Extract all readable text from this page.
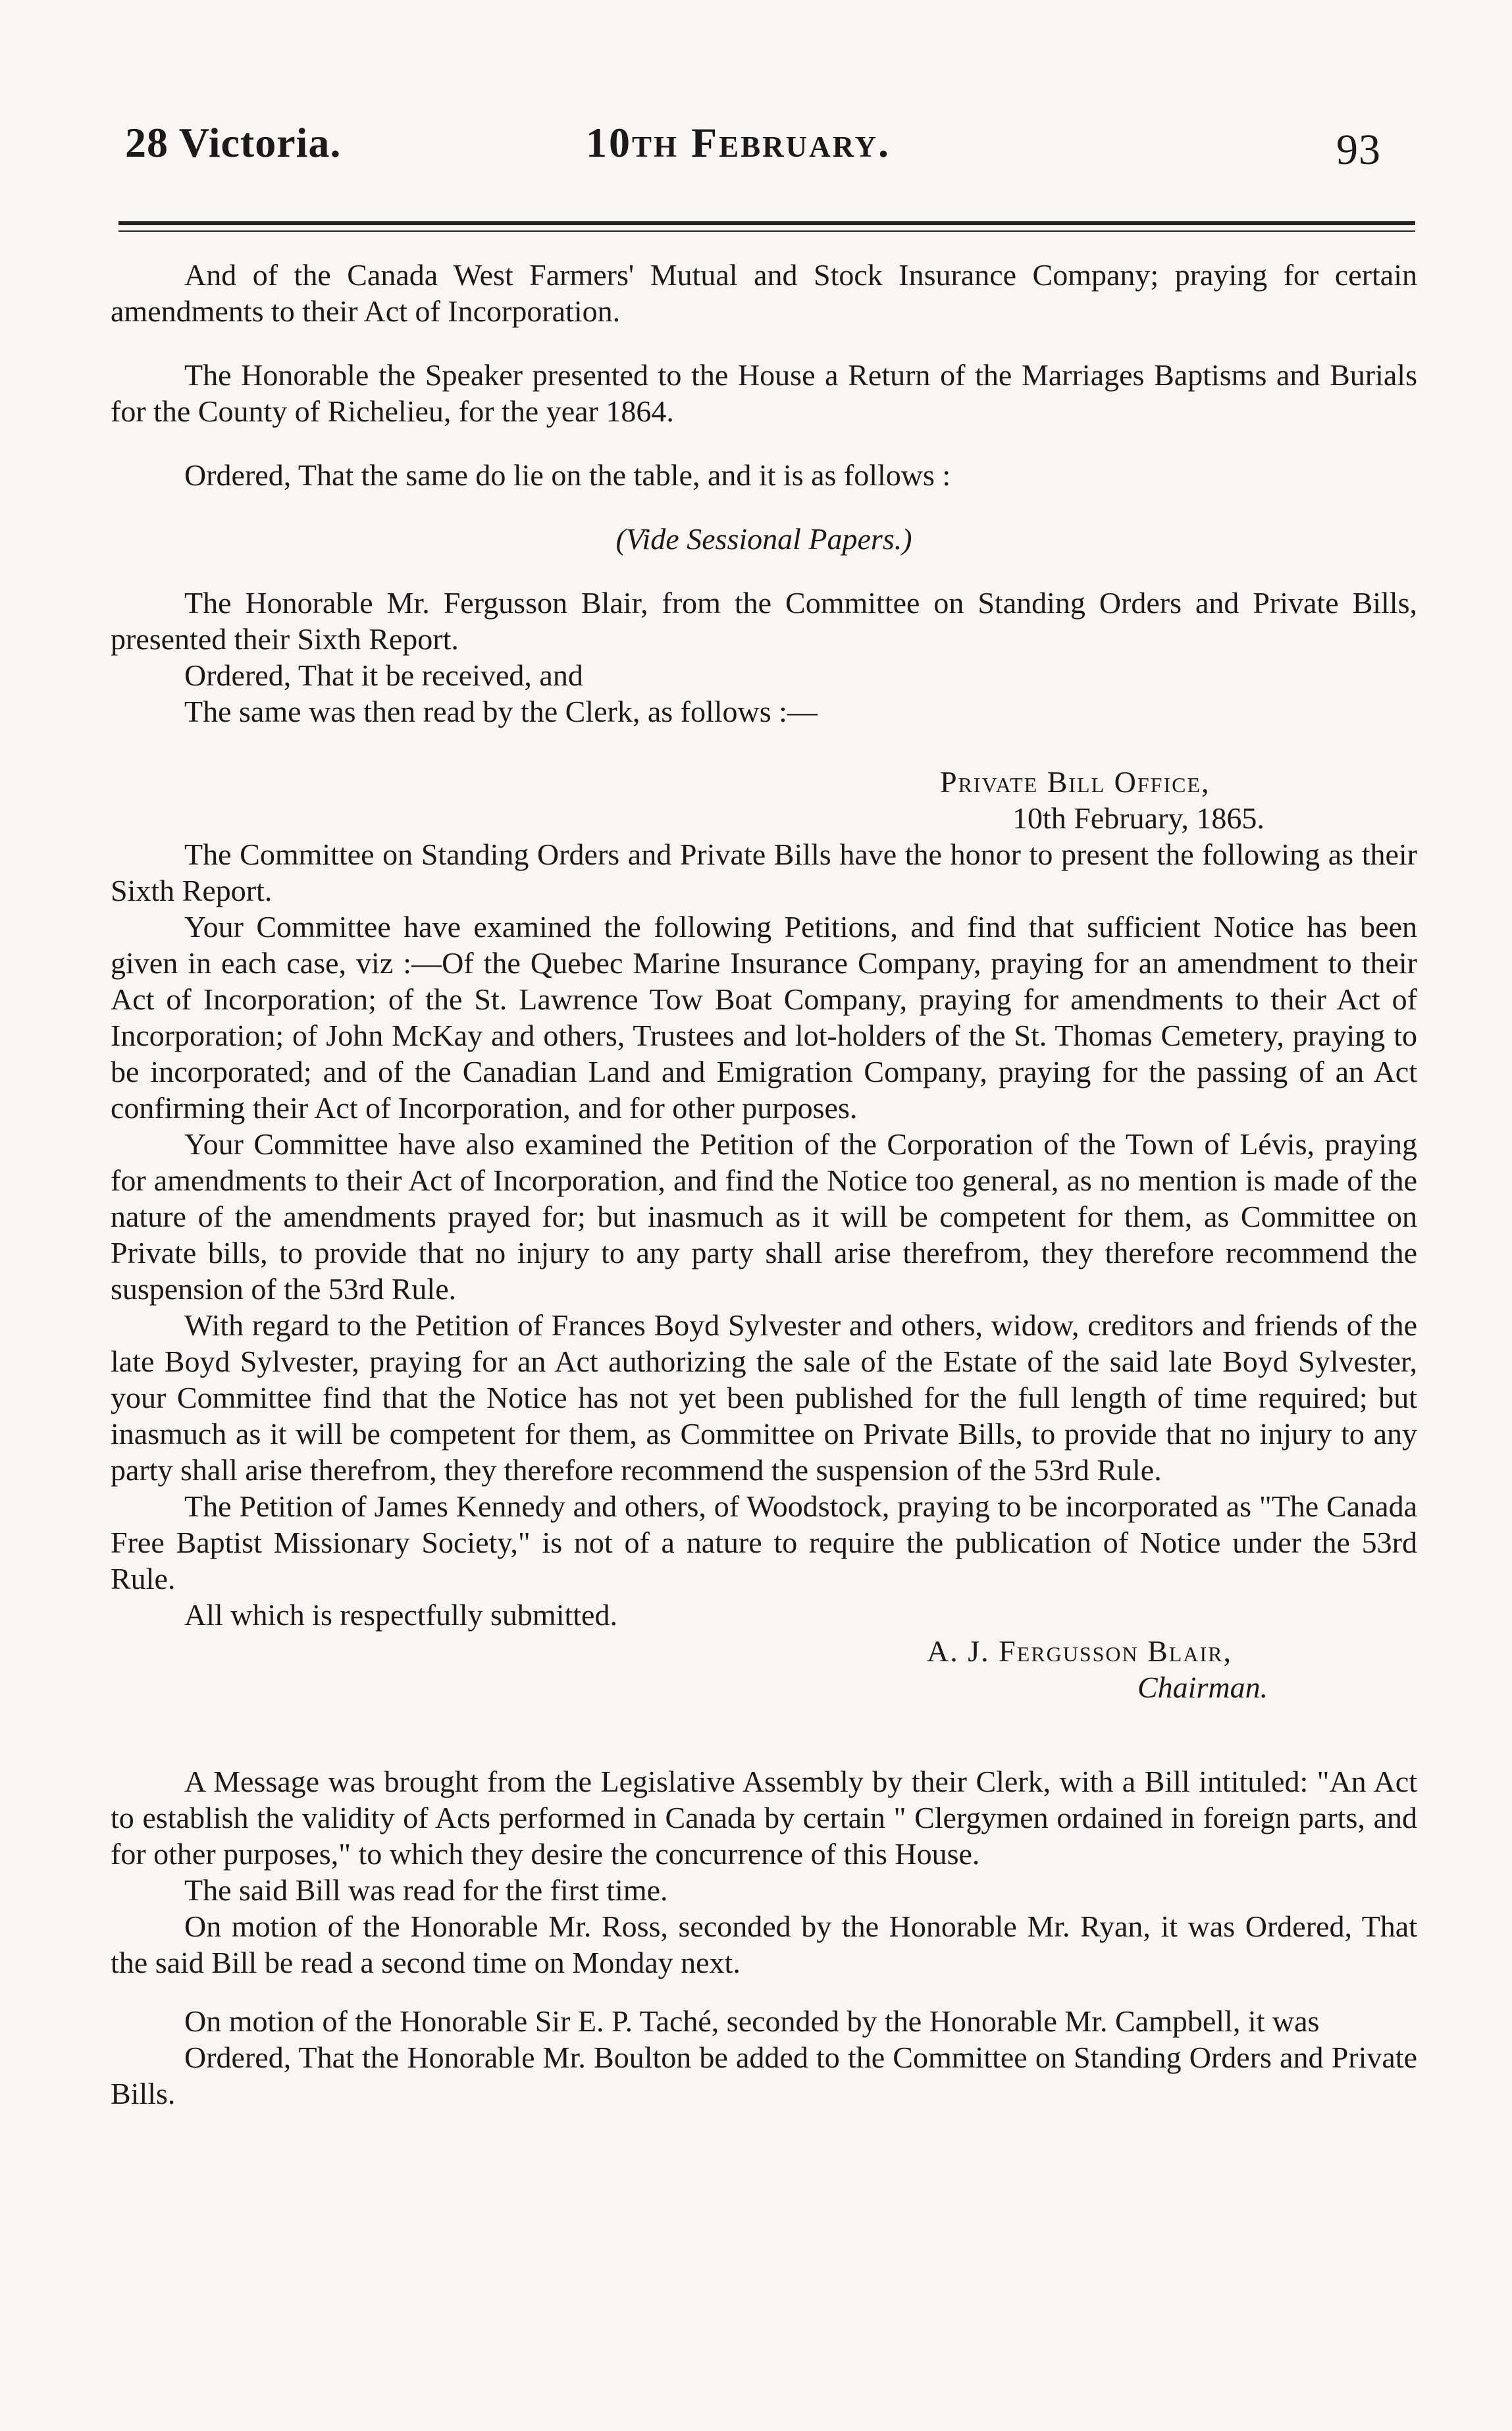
28 Victoria.	10th February.	93

And of the Canada West Farmers' Mutual and Stock Insurance Company; praying for certain amendments to their Act of Incorporation.

The Honorable the Speaker presented to the House a Return of the Marriages Baptisms and Burials for the County of Richelieu, for the year 1864.

Ordered, That the same do lie on the table, and it is as follows :

(Vide Sessional Papers.)

The Honorable Mr. Fergusson Blair, from the Committee on Standing Orders and Private Bills, presented their Sixth Report.

Ordered, That it be received, and

The same was then read by the Clerk, as follows :—

Private Bill Office,

10th February, 1865.

The Committee on Standing Orders and Private Bills have the honor to present the following as their Sixth Report.

Your Committee have examined the following Petitions, and find that sufficient Notice has been given in each case, viz :—Of the Quebec Marine Insurance Company, praying for an amendment to their Act of Incorporation; of the St. Lawrence Tow Boat Company, praying for amendments to their Act of Incorporation; of John McKay and others, Trustees and lot-holders of the St. Thomas Cemetery, praying to be incorporated; and of the Canadian Land and Emigration Company, praying for the passing of an Act confirming their Act of Incorporation, and for other purposes.

Your Committee have also examined the Petition of the Corporation of the Town of Lévis, praying for amendments to their Act of Incorporation, and find the Notice too general, as no mention is made of the nature of the amendments prayed for; but inasmuch as it will be competent for them, as Committee on Private bills, to provide that no injury to any party shall arise therefrom, they therefore recommend the suspension of the 53rd Rule.

With regard to the Petition of Frances Boyd Sylvester and others, widow, creditors and friends of the late Boyd Sylvester, praying for an Act authorizing the sale of the Estate of the said late Boyd Sylvester, your Committee find that the Notice has not yet been published for the full length of time required; but inasmuch as it will be competent for them, as Committee on Private Bills, to provide that no injury to any party shall arise therefrom, they therefore recommend the suspension of the 53rd Rule.

The Petition of James Kennedy and others, of Woodstock, praying to be incorporated as "The Canada Free Baptist Missionary Society," is not of a nature to require the publication of Notice under the 53rd Rule.

All which is respectfully submitted.

A. J. Fergusson Blair,

Chairman.

A Message was brought from the Legislative Assembly by their Clerk, with a Bill intituled: "An Act to establish the validity of Acts performed in Canada by certain " Clergymen ordained in foreign parts, and for other purposes," to which they desire the concurrence of this House.

The said Bill was read for the first time.

On motion of the Honorable Mr. Ross, seconded by the Honorable Mr. Ryan, it was Ordered, That the said Bill be read a second time on Monday next.

On motion of the Honorable Sir E. P. Taché, seconded by the Honorable Mr. Campbell, it was

Ordered, That the Honorable Mr. Boulton be added to the Committee on Standing Orders and Private Bills.
